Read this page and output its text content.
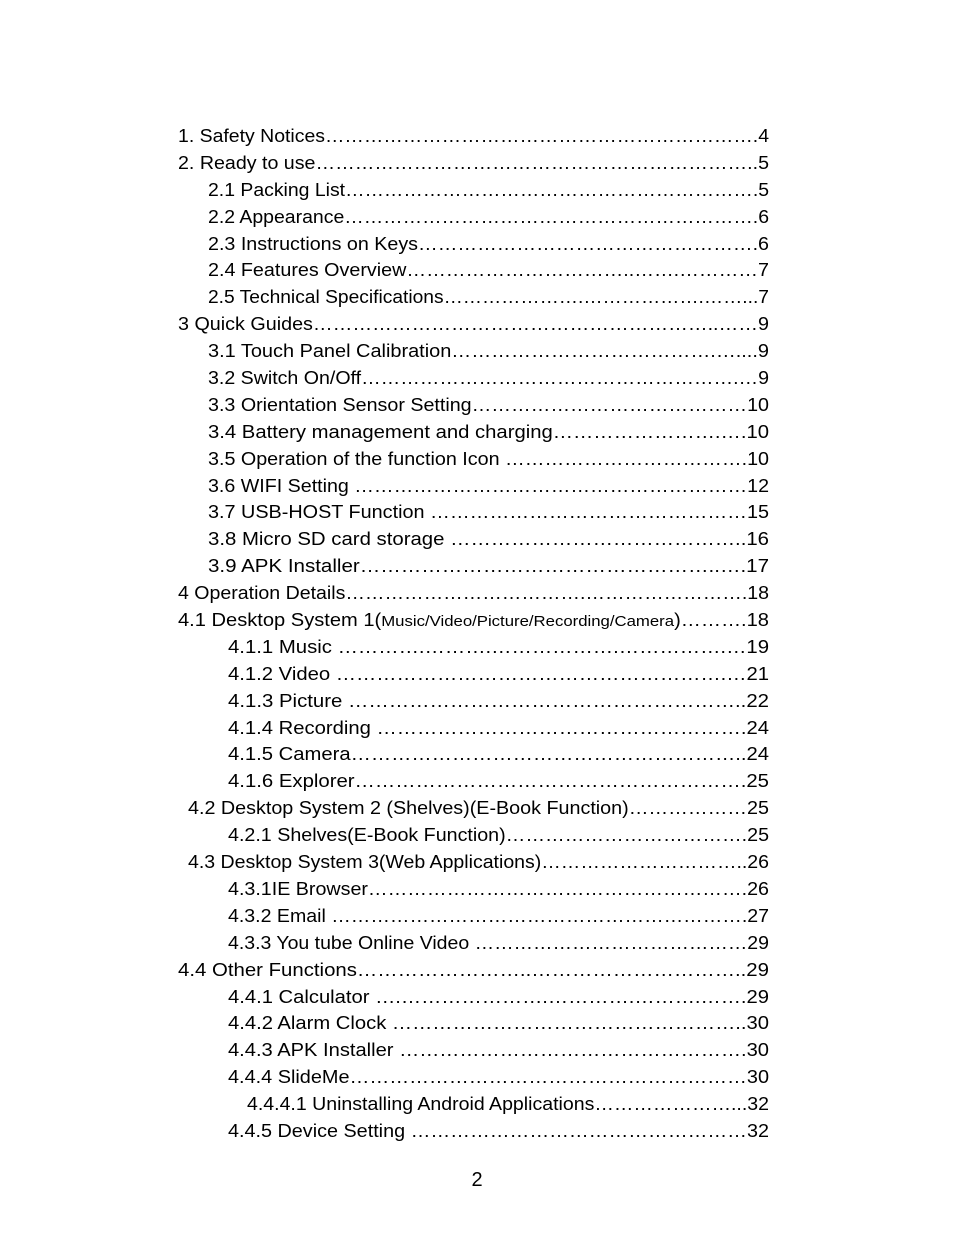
1. Safety Notices………………………………………………………….4
2. Ready to use…………………………………………………………..5
2.1 Packing List……………………………………………………….5
2.2 Appearance……………………………………………………….6
2.3 Instructions on Keys…………………………………………….6
2.4 Features Overview……………………………..…….…………7
2.5 Technical Specifications………………….……………….……...7
3 Quick Guides……………………………………………………..……9
3.1 Touch Panel Calibration………………………………….…....9
3.2 Switch On/Off………………………………………………….…9
3.3 Orientation Sensor Setting……………………………………10
3.4 Battery management and charging…………………….….10
3.5 Operation of the function Icon ……………………………….10
3.6 WIFI Setting ……………………………………………………12
3.7 USB-HOST Function …………………………………………15
3.8 Micro SD card storage ……………………………………..16
3.9 APK Installer……………………………………………..….17
4 Operation Details……………………………….…………………….18
4.1 Desktop System 1(Music/Video/Picture/Recording/Camera)……….18
4.1.1 Music ………….……….……………….…………….…19
4.1.2 Video ………………………………………………….…21
4.1.3 Picture …………………………………………………..22
4.1.4 Recording ……………………………………………….24
4.1.5 Camera…………………………………………………..24
4.1.6 Explorer………………………………………………….25
4.2 Desktop System 2 (Shelves)(E-Book Function)………………25
4.2.1 Shelves(E-Book Function)……………………………….25
4.3 Desktop System 3(Web Applications)…………………………..26
4.3.1IE Browser………………………………………………….26
4.3.2 Email ……………………………………………………….27
4.3.3 You tube Online Video ……………………………………29
4.4 Other Functions……………………..…………………………..29
4.4.1 Calculator ….………………….………….……….…….29
4.4.2 Alarm Clock ……………………………………………..30
4.4.3 APK Installer …………………………………………….30
4.4.4 SlideMe……………………………………………………30
4.4.4.1 Uninstalling Android Applications…………………...32
4.4.5 Device Setting ……………………………………………32
2
